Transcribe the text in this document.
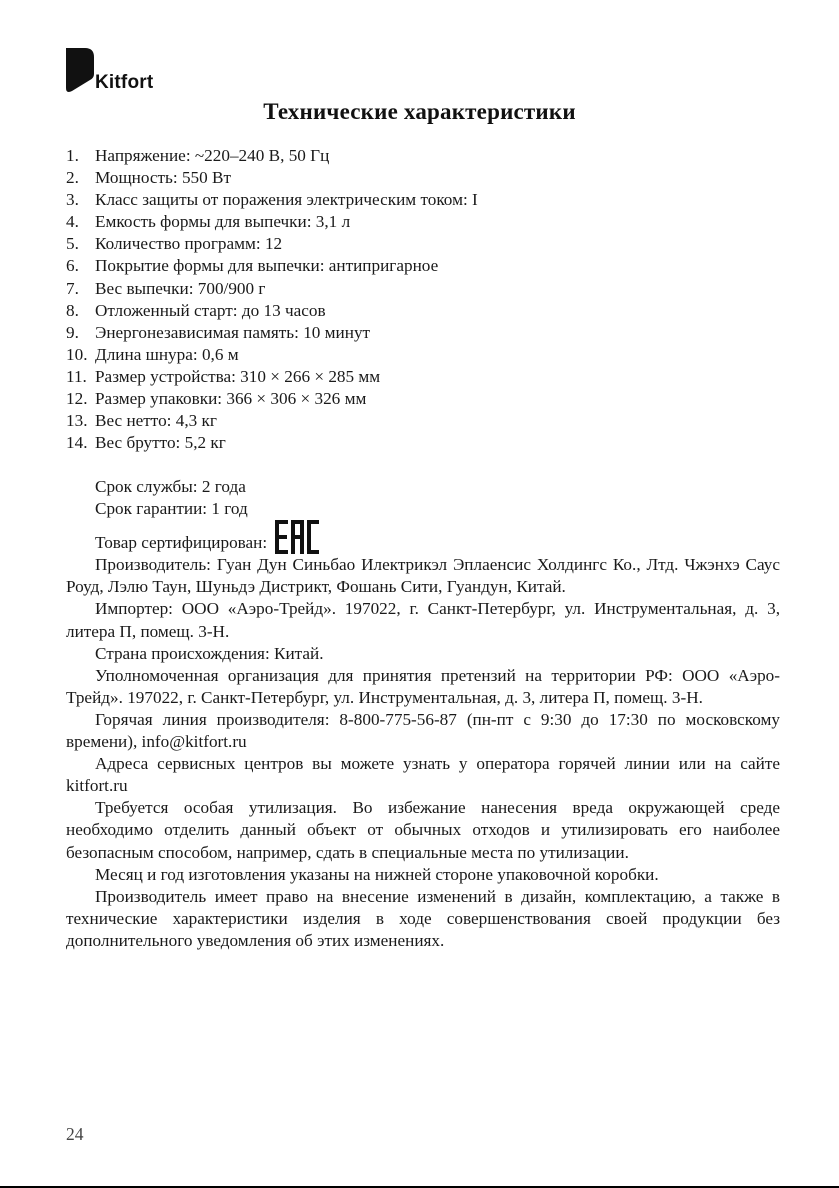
Kitfort
Технические характеристики
1. Напряжение: ~220–240 В, 50 Гц
2. Мощность: 550 Вт
3. Класс защиты от поражения электрическим током: I
4. Емкость формы для выпечки: 3,1 л
5. Количество программ: 12
6. Покрытие формы для выпечки: антипригарное
7. Вес выпечки: 700/900 г
8. Отложенный старт: до 13 часов
9. Энергонезависимая память: 10 минут
10. Длина шнура: 0,6 м
11. Размер устройства: 310 × 266 × 285 мм
12. Размер упаковки: 366 × 306 × 326 мм
13. Вес нетто: 4,3 кг
14. Вес брутто: 5,2 кг

Срок службы: 2 года

Срок гарантии: 1 год

Товар сертифицирован:

Производитель: Гуан Дун Синьбао Илектрикэл Эплаенсис Холдингс Ко., Лтд. Чжэнхэ Саус Роуд, Лэлю Таун, Шуньдэ Дистрикт, Фошань Сити, Гуандун, Китай.

Импортер: ООО «Аэро-Трейд». 197022, г. Санкт-Петербург, ул. Инструментальная, д. 3, литера П, помещ. 3-Н.

Страна происхождения: Китай.

Уполномоченная организация для принятия претензий на территории РФ: ООО «Аэро-Трейд». 197022, г. Санкт-Петербург, ул. Инструментальная, д. 3, литера П, помещ. 3-Н.

Горячая линия производителя: 8-800-775-56-87 (пн-пт с 9:30 до 17:30 по московскому времени), info@kitfort.ru

Адреса сервисных центров вы можете узнать у оператора горячей линии или на сайте kitfort.ru

Требуется особая утилизация. Во избежание нанесения вреда окружающей среде необходимо отделить данный объект от обычных отходов и утилизировать его наиболее безопасным способом, например, сдать в специальные места по утилизации.

Месяц и год изготовления указаны на нижней стороне упаковочной коробки.

Производитель имеет право на внесение изменений в дизайн, комплектацию, а также в технические характеристики изделия в ходе совершенствования своей продукции без дополнительного уведомления об этих изменениях.

24
